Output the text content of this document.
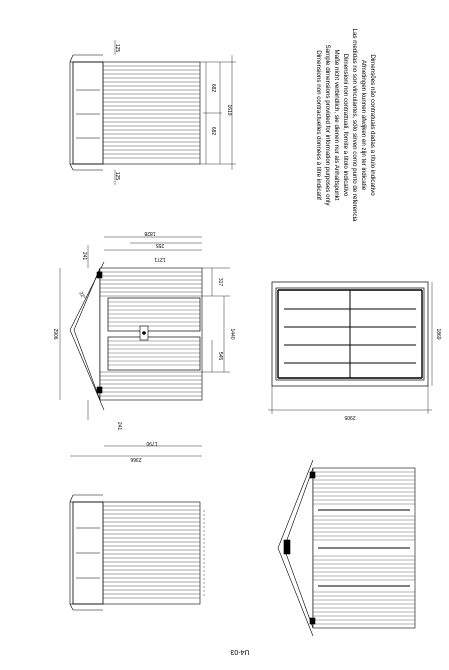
125
125
682
682
1619	Dimensions non contractuelles données à titre indicatif Sample dimensions provided for information purposes only Maße nicht verbindlich, sie dienen nur als Anhaltspunkt Dimensioni non contrattuali, fornite a titolo indicativo Las medidas no son vinculantes, sólo sirven como punto de referencia Afmetingen kunnen afwijken en zijn ter indicatie Dimensões não contratuais dadas a título indicativo
2906
241
241
1828
1271
255
1790
2366
317
1440
545
22°
2905
1869
U4-03
